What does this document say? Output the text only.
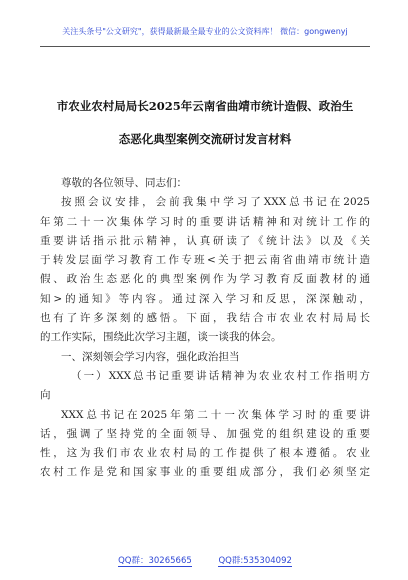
关注头条号"公文研究"，获得最新最全最专业的公文资料库！ 微信：gongwenyj
市农业农村局局长2025年云南省曲靖市统计造假、政治生
态恶化典型案例交流研讨发言材料
尊敬的各位领导、同志们：
按照会议安排，会前我集中学习了XXX总书记在2025
年第二十一次集体学习时的重要讲话精神和对统计工作的
重要讲话指示批示精神，认真研读了《统计法》以及《关
于转发层面学习教育工作专班<关于把云南省曲靖市统计造
假、政治生态恶化的典型案例作为学习教育反面教材的通
知>的通知》等内容。通过深入学习和反思，深深触动，
也有了许多深刻的感悟。下面，我结合市农业农村局局长
的工作实际，围绕此次学习主题，谈一谈我的体会。
一、深刻领会学习内容，强化政治担当
（一）XXX总书记重要讲话精神为农业农村工作指明方
向
XXX总书记在2025年第二十一次集体学习时的重要讲
话，强调了坚持党的全面领导、加强党的组织建设的重要
性，这为我们市农业农村局的工作提供了根本遵循。农业
农村工作是党和国家事业的重要组成部分，我们必须坚定
QQ群：30265665	QQ群:535304092
